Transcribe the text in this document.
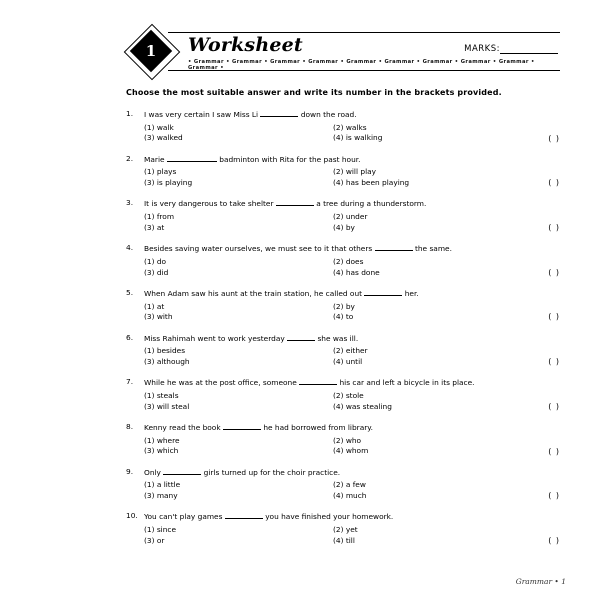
1	Worksheet
• Grammar • Grammar • Grammar • Grammar • Grammar • Grammar • Grammar • Grammar • Grammar • Grammar •
MARKS:
Choose the most suitable answer and write its number in the brackets provided.
1.	I was very certain I saw Miss Li	down the road.
(1) walk	(2) walks
(3) walked	(4) is walking	( )
2.	Marie	badminton with Rita for the past hour.
(1) plays	(2) will play
(3) is playing	(4) has been playing	( )
3.	It is very dangerous to take shelter	a tree during a thunderstorm.
(1) from	(2) under
(3) at	(4) by	( )
4.	Besides saving water ourselves, we must see to it that others	the same.
(1) do	(2) does
(3) did	(4) has done	( )
5.	When Adam saw his aunt at the train station, he called out	her.
(1) at	(2) by
(3) with	(4) to	( )
6.	Miss Rahimah went to work yesterday	she was ill.
(1) besides	(2) either
(3) although	(4) until	( )
7.	While he was at the post office, someone	his car and left a bicycle in its place.
(1) steals	(2) stole
(3) will steal	(4) was stealing	( )
8.	Kenny read the book	he had borrowed from library.
(1) where	(2) who
(3) which	(4) whom	( )
9.	Only	girls turned up for the choir practice.
(1) a little	(2) a few
(3) many	(4) much	( )
10. You can't play games	you have finished your homework.
(1) since	(2) yet
(3) or	(4) till	( )
Grammar • 1
